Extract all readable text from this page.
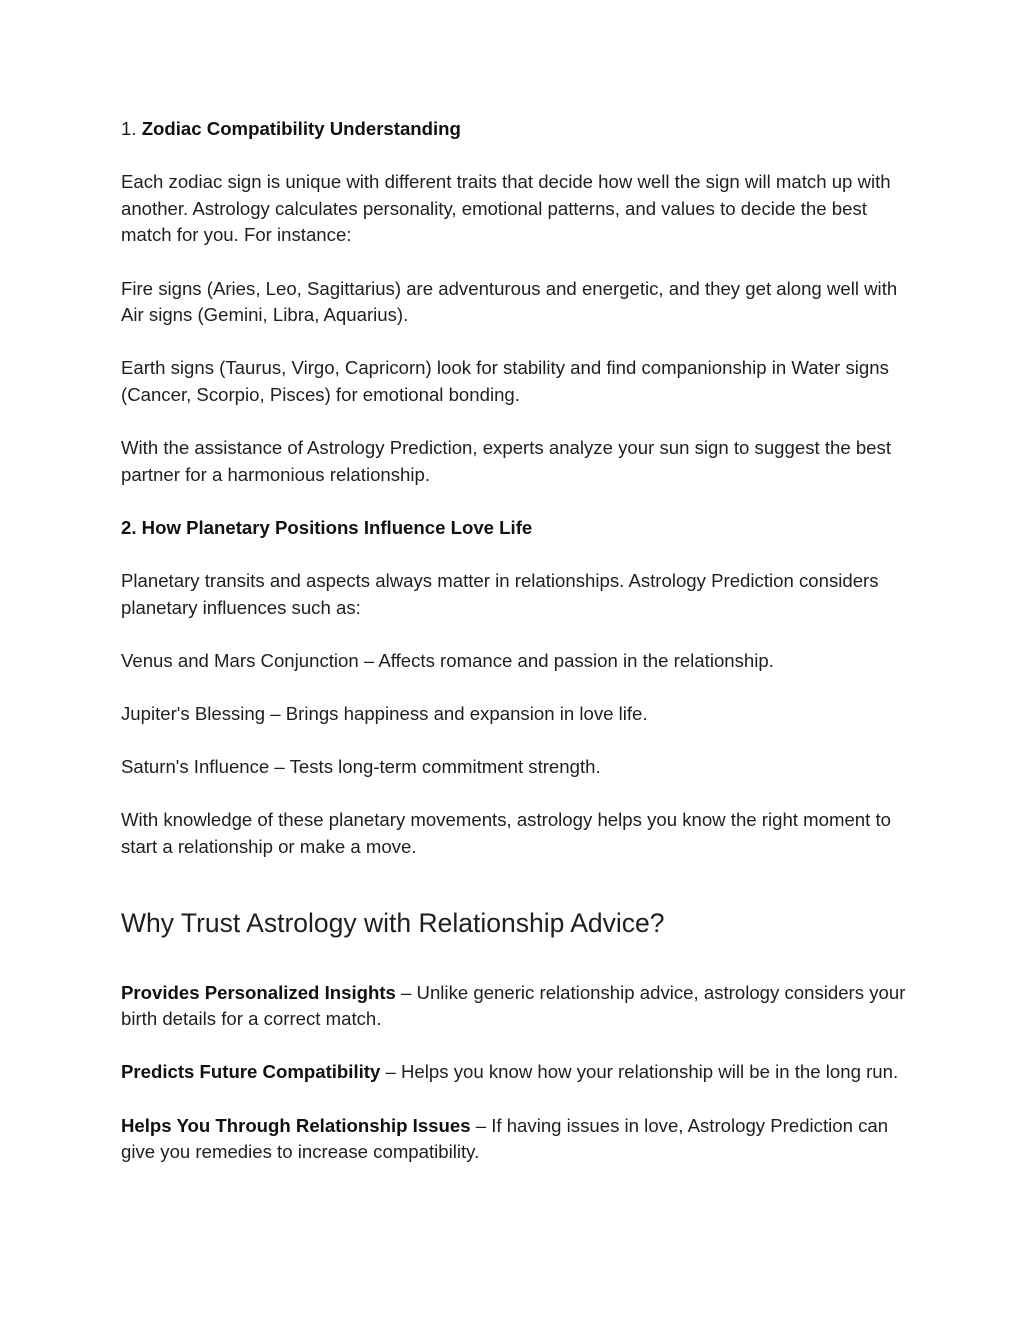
1. Zodiac Compatibility Understanding

Each zodiac sign is unique with different traits that decide how well the sign will match up with another. Astrology calculates personality, emotional patterns, and values to decide the best match for you. For instance:

Fire signs (Aries, Leo, Sagittarius) are adventurous and energetic, and they get along well with Air signs (Gemini, Libra, Aquarius).

Earth signs (Taurus, Virgo, Capricorn) look for stability and find companionship in Water signs (Cancer, Scorpio, Pisces) for emotional bonding.

With the assistance of Astrology Prediction, experts analyze your sun sign to suggest the best partner for a harmonious relationship.

2. How Planetary Positions Influence Love Life

Planetary transits and aspects always matter in relationships. Astrology Prediction considers planetary influences such as:

Venus and Mars Conjunction – Affects romance and passion in the relationship.

Jupiter's Blessing – Brings happiness and expansion in love life.

Saturn's Influence – Tests long-term commitment strength.

With knowledge of these planetary movements, astrology helps you know the right moment to start a relationship or make a move.

Why Trust Astrology with Relationship Advice?

Provides Personalized Insights – Unlike generic relationship advice, astrology considers your birth details for a correct match.

Predicts Future Compatibility – Helps you know how your relationship will be in the long run.

Helps You Through Relationship Issues – If having issues in love, Astrology Prediction can give you remedies to increase compatibility.
